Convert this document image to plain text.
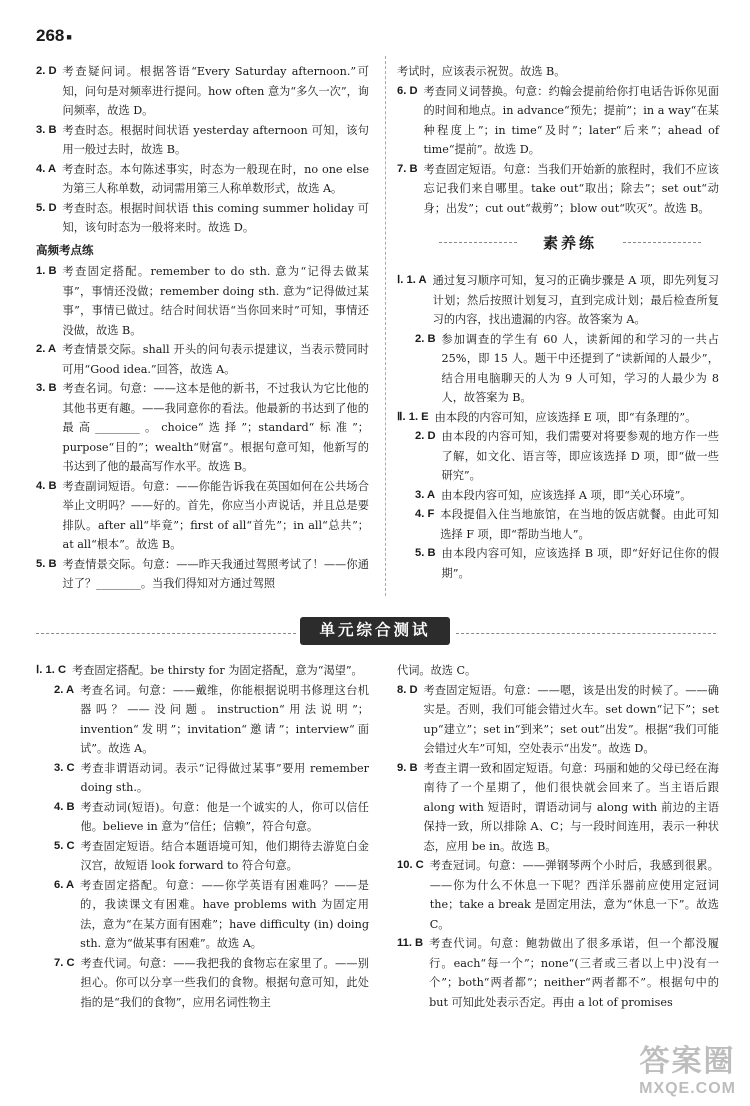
268 ■
2. D 考查疑问词。根据答语“Every Saturday afternoon.”可知，问句是对频率进行提问。how often 意为“多久一次”，询问频率，故选 D。
3. B 考查时态。根据时间状语 yesterday afternoon 可知，该句用一般过去时，故选 B。
4. A 考查时态。本句陈述事实，时态为一般现在时，no one else 为第三人称单数，动词需用第三人称单数形式，故选 A。
5. D 考查时态。根据时间状语 this coming summer holiday 可知，该句时态为一般将来时。故选 D。
高频考点练
1. B 考查固定搭配。remember to do sth. 意为“记得去做某事”，事情还没做；remember doing sth. 意为“记得做过某事”，事情已做过。结合时间状语“当你回来时”可知，事情还没做，故选 B。
2. A 考查情景交际。shall 开头的问句表示提建议，当表示赞同时可用“Good idea.”回答，故选 A。
3. B 考查名词。句意：——这本是他的新书，不过我认为它比他的其他书更有趣。——我同意你的看法。他最新的书达到了他的最高________。choice“选择”；standard“标准”；purpose“目的”；wealth“财富”。根据句意可知，他新写的书达到了他的最高写作水平。故选 B。
4. B 考查副词短语。句意：——你能告诉我在英国如何在公共场合举止文明吗？——好的。首先，你应当小声说话，并且总是要排队。after all“毕竟”；first of all“首先”；in all“总共”；at all“根本”。故选 B。
5. B 考查情景交际。句意：——昨天我通过驾照考试了！——你通过了？________。当我们得知对方通过驾照
考试时，应该表示祝贺。故选 B。
6. D 考查同义词替换。句意：约翰会提前给你打电话告诉你见面的时间和地点。in advance“预先；提前”；in a way“在某种程度上”；in time“及时”；later“后来”；ahead of time“提前”。故选 D。
7. B 考查固定短语。句意：当我们开始新的旅程时，我们不应该忘记我们来自哪里。take out“取出；除去”；set out“动身；出发”；cut out“裁剪”；blow out“吹灭”。故选 B。
素养练
Ⅰ. 1. A 通过复习顺序可知，复习的正确步骤是 A 项，即先列复习计划；然后按照计划复习，直到完成计划；最后检查所复习的内容，找出遗漏的内容。故答案为 A。
2. B 参加调查的学生有 60 人，读新闻的和学习的一共占 25%，即 15 人。题干中还提到了“读新闻的人最少”，结合用电脑聊天的人为 9 人可知，学习的人最少为 8 人，故答案为 B。
Ⅱ. 1. E 由本段的内容可知，应该选择 E 项，即“有条理的”。
2. D 由本段的内容可知，我们需要对将要参观的地方作一些了解，如文化、语言等，即应该选择 D 项，即“做一些研究”。
3. A 由本段内容可知，应该选择 A 项，即“关心环境”。
4. F 本段提倡入住当地旅馆，在当地的饭店就餐。由此可知选择 F 项，即“帮助当地人”。
5. B 由本段内容可知，应该选择 B 项，即“好好记住你的假期”。
单元综合测试
Ⅰ. 1. C 考查固定搭配。be thirsty for 为固定搭配，意为“渴望”。
2. A 考查名词。句意：——戴维，你能根据说明书修理这台机器吗？——没问题。instruction“用法说明”；invention“发明”；invitation“邀请”；interview“面试”。故选 A。
3. C 考查非谓语动词。表示“记得做过某事”要用 remember doing sth.。
4. B 考查动词(短语)。句意：他是一个诚实的人，你可以信任他。believe in 意为“信任；信赖”，符合句意。
5. C 考查固定短语。结合本题语境可知，他们期待去游览白金汉宫，故短语 look forward to 符合句意。
6. A 考查固定搭配。句意：——你学英语有困难吗？——是的，我读课文有困难。have problems with 为固定用法，意为“在某方面有困难”；have difficulty (in) doing sth. 意为“做某事有困难”。故选 A。
7. C 考查代词。句意：——我把我的食物忘在家里了。——别担心。你可以分享一些我们的食物。根据句意可知，此处指的是“我们的食物”，应用名词性物主
代词。故选 C。
8. D 考查固定短语。句意：——嗯，该是出发的时候了。——确实是。否则，我们可能会错过火车。set down“记下”；set up“建立”；set in“到来”；set out“出发”。根据“我们可能会错过火车”可知，空处表示“出发”。故选 D。
9. B 考查主谓一致和固定短语。句意：玛丽和她的父母已经在海南待了一个星期了，他们很快就会回来了。当主语后跟 along with 短语时，谓语动词与 along with 前边的主语保持一致，所以排除 A、C；与一段时间连用，表示一种状态，应用 be in。故选 B。
10. C 考查冠词。句意：——弹钢琴两个小时后，我感到很累。——你为什么不休息一下呢？西洋乐器前应使用定冠词 the；take a break 是固定用法，意为“休息一下”。故选 C。
11. B 考查代词。句意：鲍勃做出了很多承诺，但一个都没履行。each“每一个”；none“(三者或三者以上中)没有一个”；both“两者都”；neither“两者都不”。根据句中的 but 可知此处表示否定。再由 a lot of promises
答案圈
MXQE.COM
